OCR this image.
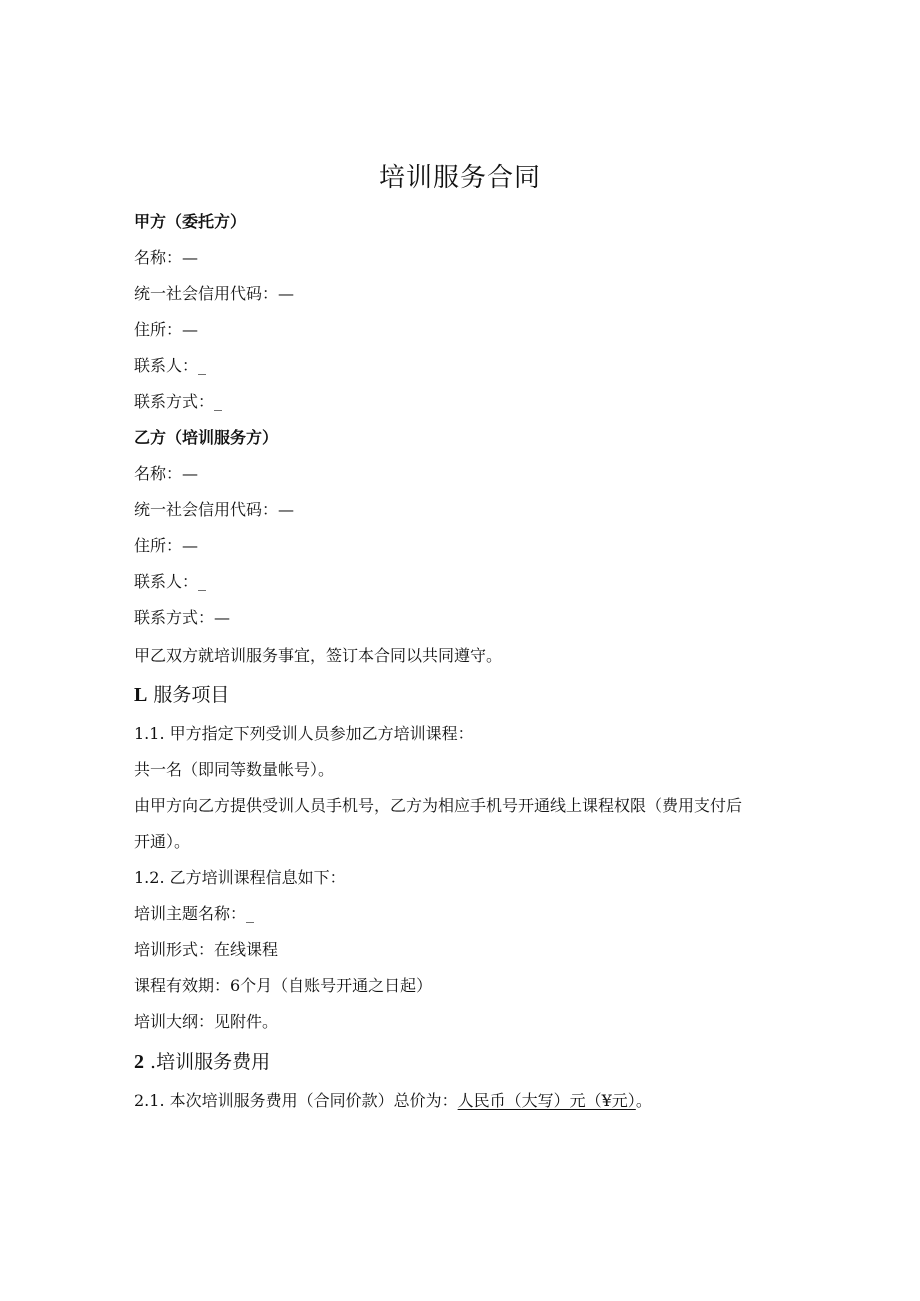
培训服务合同
甲方（委托方）
名称：—
统一社会信用代码：—
住所：—
联系人：_
联系方式：_
乙方（培训服务方）
名称：—
统一社会信用代码：—
住所：—
联系人：_
联系方式：—
甲乙双方就培训服务事宜，签订本合同以共同遵守。
L 服务项目
1.1. 甲方指定下列受训人员参加乙方培训课程：
共一名（即同等数量帐号）。
由甲方向乙方提供受训人员手机号，乙方为相应手机号开通线上课程权限（费用支付后
开通）。
1.2. 乙方培训课程信息如下：
培训主题名称：_
培训形式：在线课程
课程有效期：6个月（自账号开通之日起）
培训大纲：见附件。
2 .培训服务费用
2.1. 本次培训服务费用（合同价款）总价为：人民币（大写）元（¥元）。
